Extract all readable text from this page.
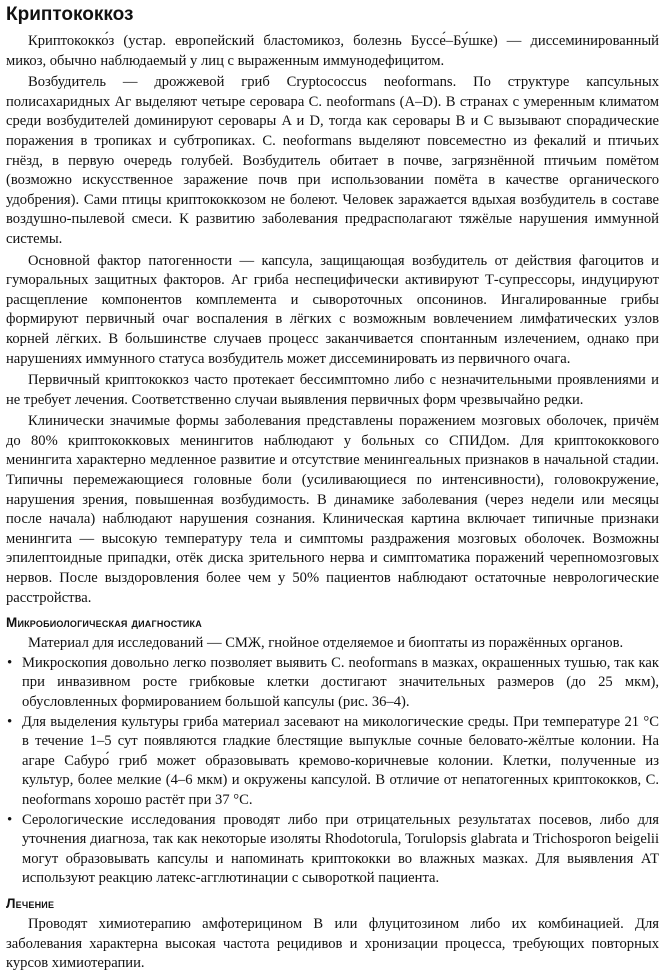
Криптококкоз

Криптококко́з (устар. европейский бластомикоз, болезнь Буссе́–Бу́шке) — диссеминированный микоз, обычно наблюдаемый у лиц с выраженным иммунодефицитом.

Возбудитель — дрожжевой гриб Cryptococcus neoformans. По структуре капсульных полисахаридных Аг выделяют четыре серовара C. neoformans (A–D). В странах с умеренным климатом среди возбудителей доминируют серовары A и D, тогда как серовары B и C вызывают спорадические поражения в тропиках и субтропиках. C. neoformans выделяют повсеместно из фекалий и птичьих гнёзд, в первую очередь голубей. Возбудитель обитает в почве, загрязнённой птичьим помётом (возможно искусственное заражение почв при использовании помёта в качестве органического удобрения). Сами птицы криптококкозом не болеют. Человек заражается вдыхая возбудитель в составе воздушно-пылевой смеси. К развитию заболевания предрасполагают тяжёлые нарушения иммунной системы.

Основной фактор патогенности — капсула, защищающая возбудитель от действия фагоцитов и гуморальных защитных факторов. Аг гриба неспецифически активируют Т-супрессоры, индуцируют расщепление компонентов комплемента и сывороточных опсонинов. Ингалированные грибы формируют первичный очаг воспаления в лёгких с возможным вовлечением лимфатических узлов корней лёгких. В большинстве случаев процесс заканчивается спонтанным излечением, однако при нарушениях иммунного статуса возбудитель может диссеминировать из первичного очага.

Первичный криптококкоз часто протекает бессимптомно либо с незначительными проявлениями и не требует лечения. Соответственно случаи выявления первичных форм чрезвычайно редки.

Клинически значимые формы заболевания представлены поражением мозговых оболочек, причём до 80% криптококковых менингитов наблюдают у больных со СПИДом. Для криптококкового менингита характерно медленное развитие и отсутствие менингеальных признаков в начальной стадии. Типичны перемежающиеся головные боли (усиливающиеся по интенсивности), головокружение, нарушения зрения, повышенная возбудимость. В динамике заболевания (через недели или месяцы после начала) наблюдают нарушения сознания. Клиническая картина включает типичные признаки менингита — высокую температуру тела и симптомы раздражения мозговых оболочек. Возможны эпилептоидные припадки, отёк диска зрительного нерва и симптоматика поражений черепномозговых нервов. После выздоровления более чем у 50% пациентов наблюдают остаточные неврологические расстройства.

Микробиологическая диагностика

Материал для исследований — СМЖ, гнойное отделяемое и биоптаты из поражённых органов.

• Микроскопия довольно легко позволяет выявить C. neoformans в мазках, окрашенных тушью, так как при инвазивном росте грибковые клетки достигают значительных размеров (до 25 мкм), обусловленных формированием большой капсулы (рис. 36–4).
• Для выделения культуры гриба материал засевают на микологические среды. При температуре 21 °С в течение 1–5 сут появляются гладкие блестящие выпуклые сочные беловато-жёлтые колонии. На агаре Сабуро́ гриб может образовывать кремово-коричневые колонии. Клетки, полученные из культур, более мелкие (4–6 мкм) и окружены капсулой. В отличие от непатогенных криптококков, C. neoformans хорошо растёт при 37 °С.
• Серологические исследования проводят либо при отрицательных результатах посевов, либо для уточнения диагноза, так как некоторые изоляты Rhodotorula, Torulopsis glabrata и Trichosporon beigelii могут образовывать капсулы и напоминать криптококки во влажных мазках. Для выявления АТ используют реакцию латекс-агглютинации с сывороткой пациента.
Лечение

Проводят химиотерапию амфотерицином В или флуцитозином либо их комбинацией. Для заболевания характерна высокая частота рецидивов и хронизации процесса, требующих повторных курсов химиотерапии.
